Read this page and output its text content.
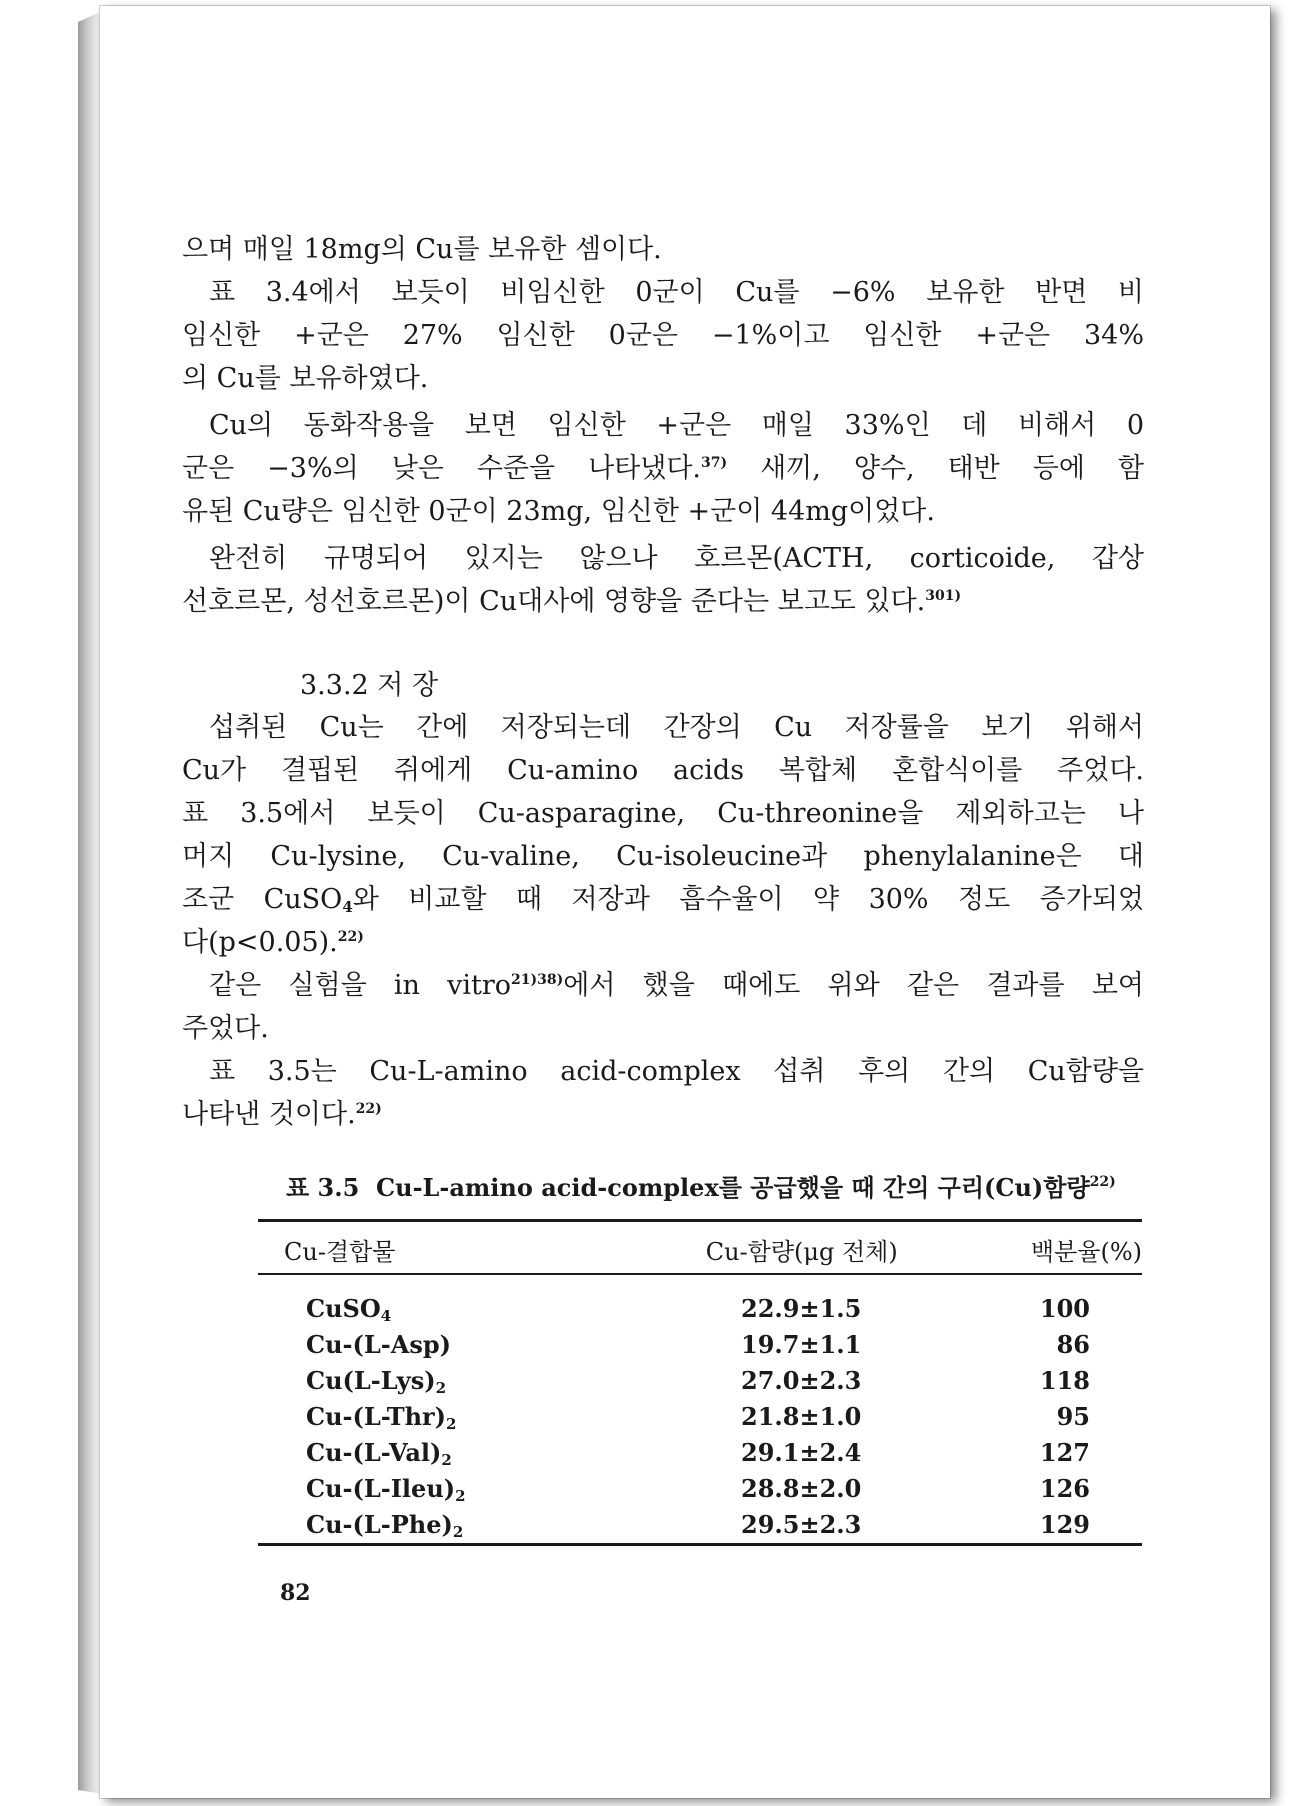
으며 매일 18mg의 Cu를 보유한 셈이다.

표 3.4에서 보듯이 비임신한 0군이 Cu를 −6% 보유한 반면 비

임신한 +군은 27% 임신한 0군은 −1%이고 임신한 +군은 34%

의 Cu를 보유하였다.

Cu의 동화작용을 보면 임신한 +군은 매일 33%인 데 비해서 0

군은 −3%의 낮은 수준을 나타냈다.$^{37)}$ 새끼, 양수, 태반 등에 함

유된 Cu량은 임신한 0군이 23mg, 임신한 +군이 44mg이었다.

완전히 규명되어 있지는 않으나 호르몬(ACTH, corticoide, 갑상

선호르몬, 성선호르몬)이 Cu대사에 영향을 준다는 보고도 있다.$^{301)}$

3.3.2 저 장

섭취된 Cu는 간에 저장되는데 간장의 Cu 저장률을 보기 위해서

Cu가 결핍된 쥐에게 Cu-amino acids 복합체 혼합식이를 주었다.

표 3.5에서 보듯이 Cu-asparagine, Cu-threonine을 제외하고는 나

머지 Cu-lysine, Cu-valine, Cu-isoleucine과 phenylalanine은 대

조군 CuSO$_4$와 비교할 때 저장과 흡수율이 약 30% 정도 증가되었

다(p<0.05).$^{22)}$

같은 실험을 in vitro$^{21)38)}$에서 했을 때에도 위와 같은 결과를 보여

주었다.

표 3.5는 Cu-L-amino acid-complex 섭취 후의 간의 Cu함량을

나타낸 것이다.$^{22)}$

표 3.5 Cu-L-amino acid-complex를 공급했을 때 간의 구리(Cu)함량$^{22)}$
Cu-결합물	Cu-함량(μg 전체)	백분율(%)
CuSO$_4$	22.9±1.5	100
Cu-(L-Asp)	19.7±1.1	86
$Cu(L-Lys)_2$	27.0±2.3	118
$Cu-(L-Thr)_2$	21.8±1.0	95
$Cu-(L-Val)_2$	29.1±2.4	127
$Cu-(L-Ileu)_2$	28.8±2.0	126
$Cu-(L-Phe)_2$	29.5±2.3	129
82
